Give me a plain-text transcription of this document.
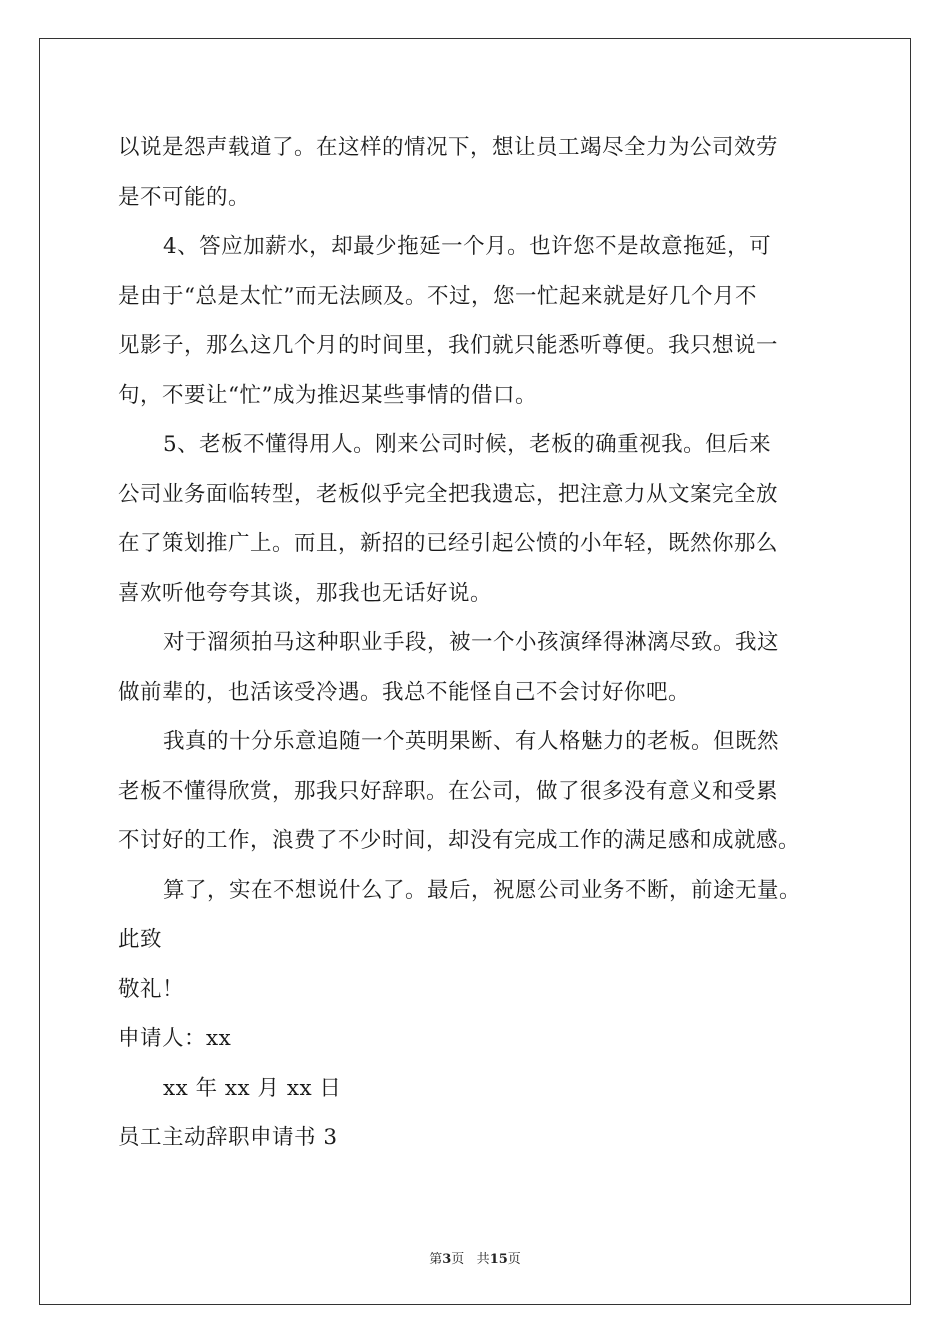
以说是怨声载道了。在这样的情况下，想让员工竭尽全力为公司效劳
是不可能的。
4、答应加薪水，却最少拖延一个月。也许您不是故意拖延，可
是由于“总是太忙”而无法顾及。不过，您一忙起来就是好几个月不
见影子，那么这几个月的时间里，我们就只能悉听尊便。我只想说一
句，不要让“忙”成为推迟某些事情的借口。
5、老板不懂得用人。刚来公司时候，老板的确重视我。但后来
公司业务面临转型，老板似乎完全把我遗忘，把注意力从文案完全放
在了策划推广上。而且，新招的已经引起公愤的小年轻，既然你那么
喜欢听他夸夸其谈，那我也无话好说。
对于溜须拍马这种职业手段，被一个小孩演绎得淋漓尽致。我这
做前辈的，也活该受冷遇。我总不能怪自己不会讨好你吧。
我真的十分乐意追随一个英明果断、有人格魅力的老板。但既然
老板不懂得欣赏，那我只好辞职。在公司，做了很多没有意义和受累
不讨好的工作，浪费了不少时间，却没有完成工作的满足感和成就感。
算了，实在不想说什么了。最后，祝愿公司业务不断，前途无量。
此致
敬礼！
申请人：xx
xx 年 xx 月 xx 日
员工主动辞职申请书 3
第3页 共15页
